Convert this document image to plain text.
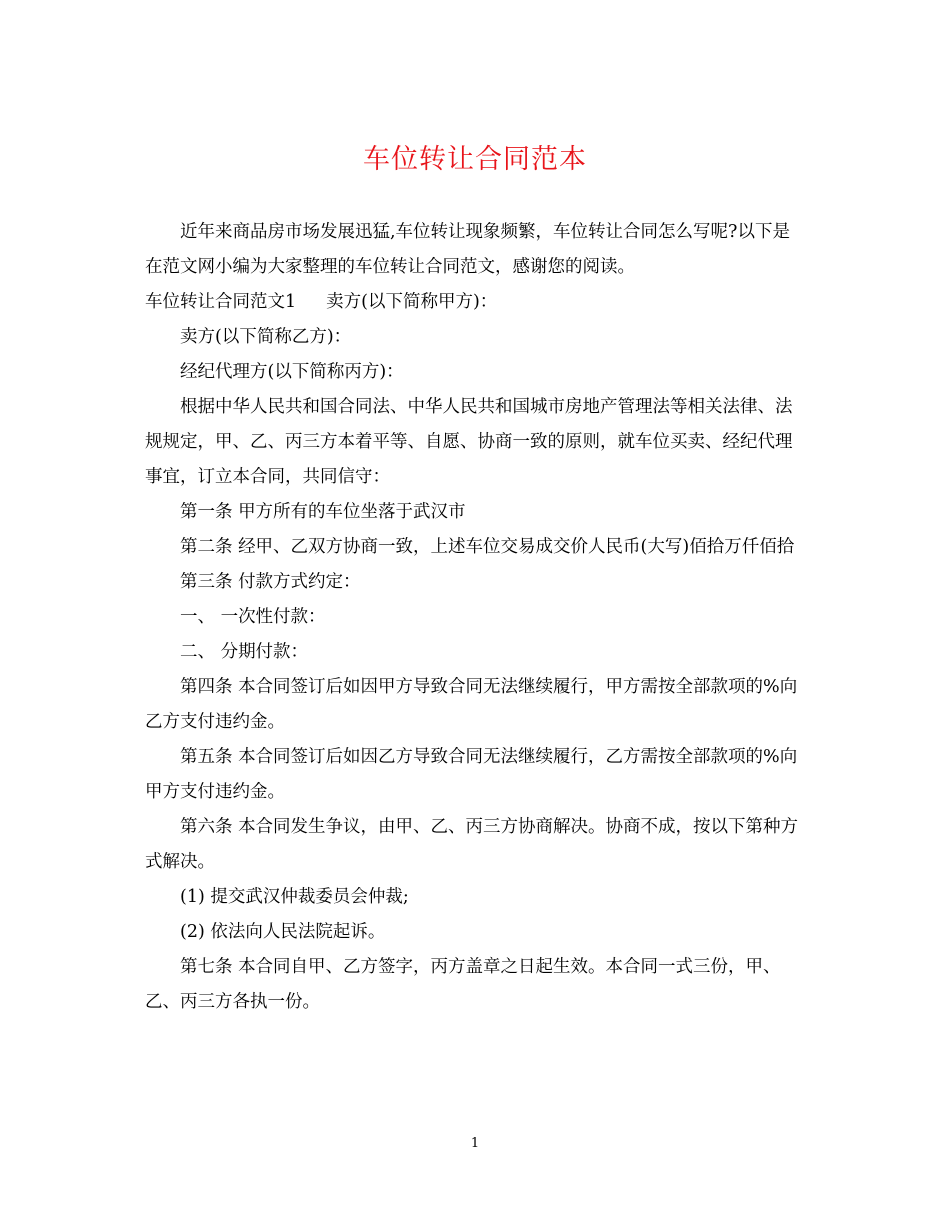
车位转让合同范本

近年来商品房市场发展迅猛,车位转让现象频繁，车位转让合同怎么写呢?以下是在范文网小编为大家整理的车位转让合同范文，感谢您的阅读。

车位转让合同范文1 卖方(以下简称甲方)：

卖方(以下简称乙方)：

经纪代理方(以下简称丙方)：

根据中华人民共和国合同法、中华人民共和国城市房地产管理法等相关法律、法规规定，甲、乙、丙三方本着平等、自愿、协商一致的原则，就车位买卖、经纪代理事宜，订立本合同，共同信守：

第一条 甲方所有的车位坐落于武汉市

第二条 经甲、乙双方协商一致，上述车位交易成交价人民币(大写)佰拾万仟佰拾

第三条 付款方式约定：

一、 一次性付款：

二、 分期付款：

第四条 本合同签订后如因甲方导致合同无法继续履行，甲方需按全部款项的%向乙方支付违约金。

第五条 本合同签订后如因乙方导致合同无法继续履行，乙方需按全部款项的%向甲方支付违约金。

第六条 本合同发生争议，由甲、乙、丙三方协商解决。协商不成，按以下第种方式解决。

(1) 提交武汉仲裁委员会仲裁;

(2) 依法向人民法院起诉。

第七条 本合同自甲、乙方签字，丙方盖章之日起生效。本合同一式三份，甲、乙、丙三方各执一份。

1
